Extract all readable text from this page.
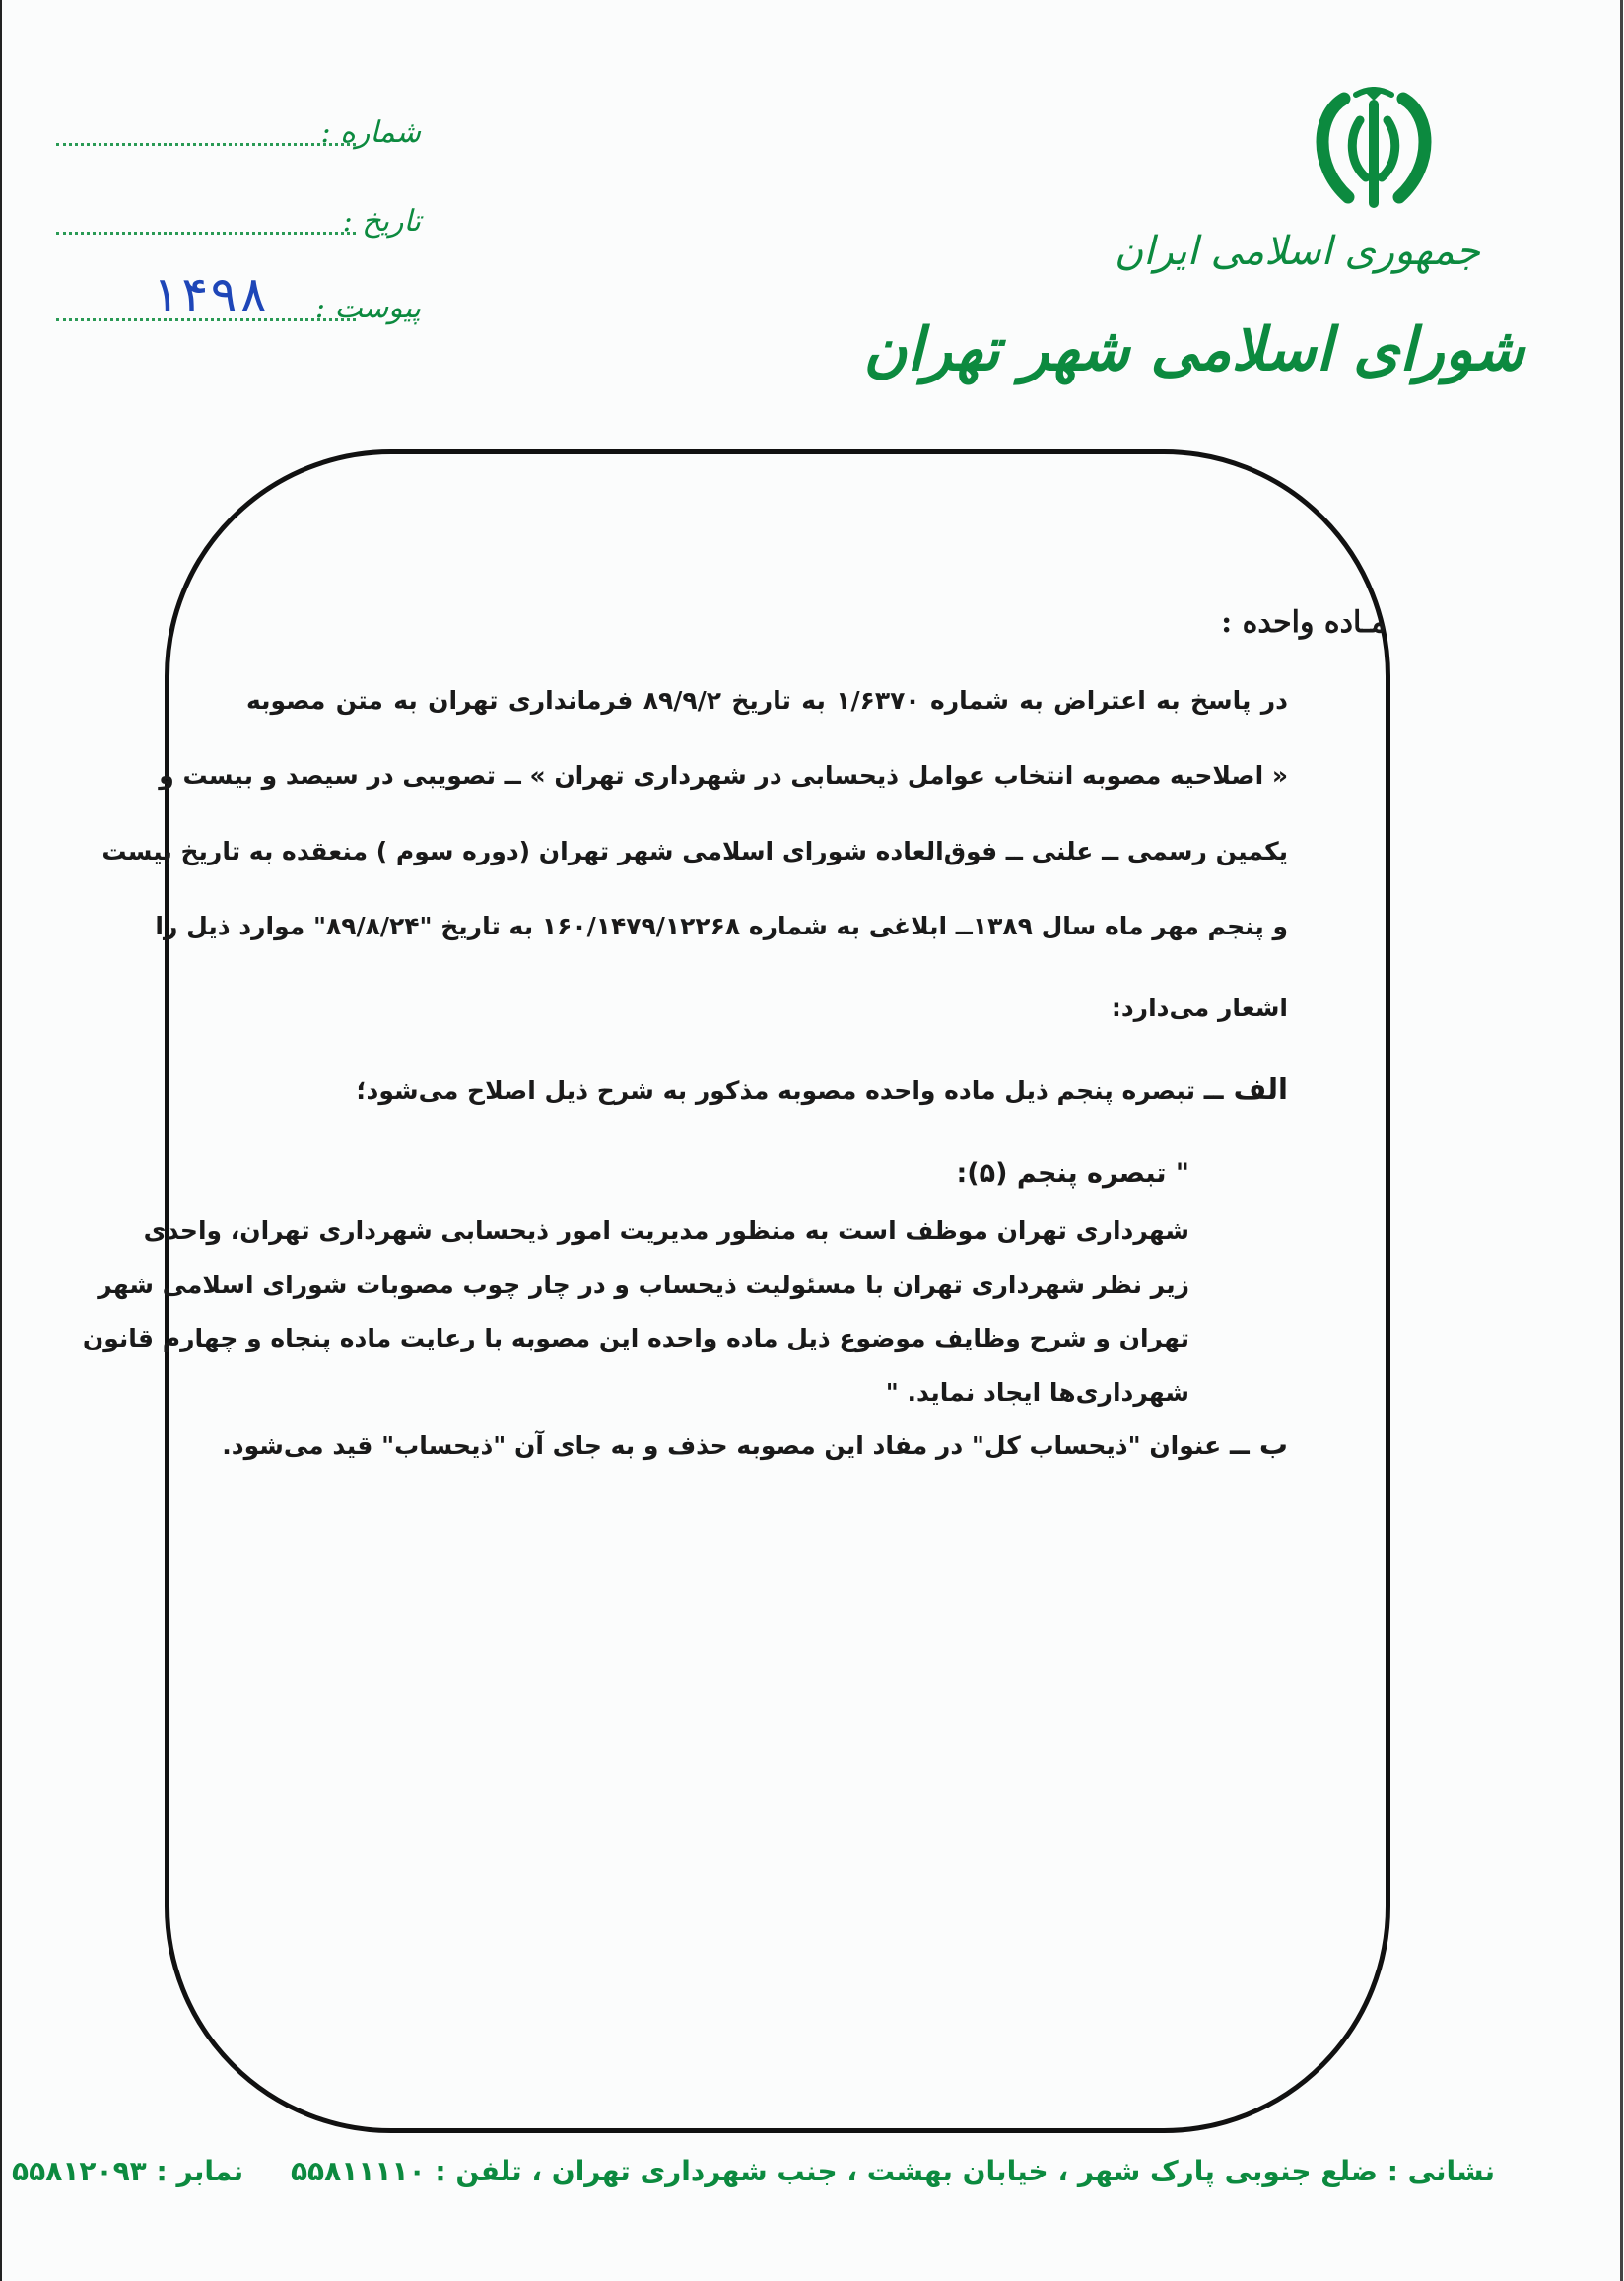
جمهوری اسلامی ایران
شورای اسلامی شهر تهران
شماره :
تاریخ :
پیوست :
۱۴۹۸
مـاده واحده :
در پاسخ به اعتراض به شماره ۱/۶۳۷۰ به تاریخ ۸۹/۹/۲ فرمانداری تهران به متن مصوبه
« اصلاحیه مصوبه انتخاب عوامل ذیحسابی در شهرداری تهران » ــ تصویبی در سیصد و بیست و
یکمین رسمی ــ علنی ــ فوق‌العاده شورای اسلامی شهر تهران (دوره سوم ) منعقده به تاریخ بیست
و پنجم مهر ماه سال ۱۳۸۹ــ ابلاغی به شماره ۱۶۰/۱۴۷۹/۱۲۲۶۸ به تاریخ "۸۹/۸/۲۴" موارد ذیل را
اشعار می‌دارد:
الف ــ تبصره پنجم ذیل ماده واحده مصوبه مذکور به شرح ذیل اصلاح می‌شود؛
" تبصره پنجم (۵):
شهرداری تهران موظف است به منظور مدیریت امور ذیحسابی شهرداری تهران، واحدی
زیر نظر شهرداری تهران با مسئولیت ذیحساب و در چار چوب مصوبات شورای اسلامی شهر
تهران و شرح وظایف موضوع ذیل ماده واحده این مصوبه با رعایت ماده پنجاه و چهارم قانون
شهرداری‌ها ایجاد نماید. "
ب ــ عنوان "ذیحساب کل" در مفاد این مصوبه حذف و به جای آن "ذیحساب" قید می‌شود.
نشانی : ضلع جنوبی پارک شهر ، خیابان بهشت ، جنب شهرداری تهران ، تلفن : ۵۵۸۱۱۱۱۰ نمابر : ۵۵۸۱۲۰۹۳
